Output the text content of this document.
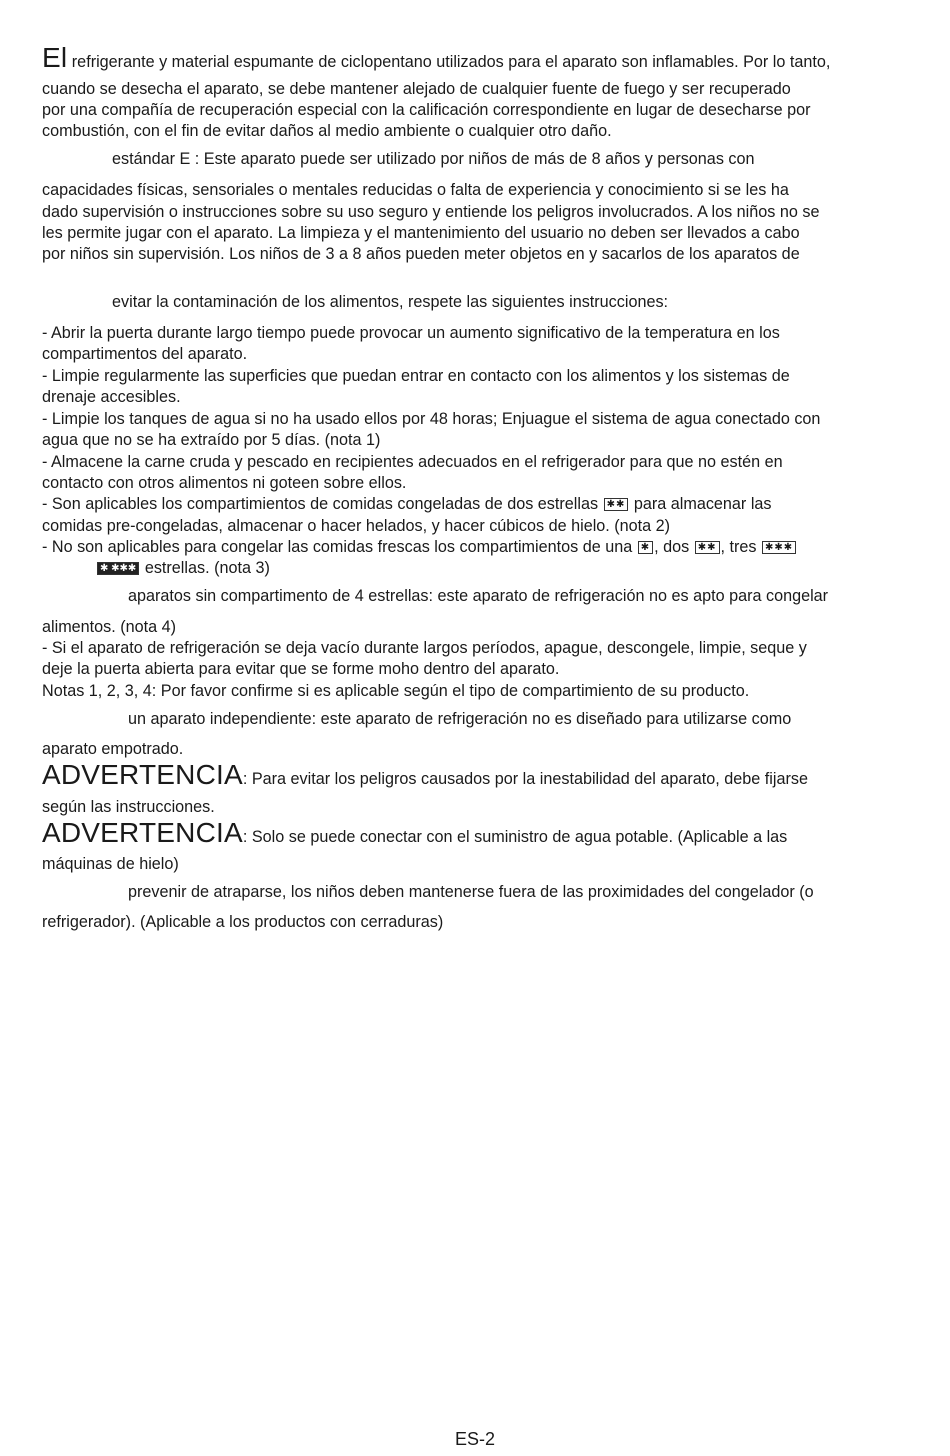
El refrigerante y material espumante de ciclopentano utilizados para el aparato son inflamables. Por lo tanto,
cuando se desecha el aparato, se debe mantener alejado de cualquier fuente de fuego y ser recuperado
por una compañía de recuperación especial con la calificación correspondiente en lugar de desecharse por
combustión, con el fin de evitar daños al medio ambiente o cualquier otro daño.
estándar E : Este aparato puede ser utilizado por niños de más de 8 años y personas con
capacidades físicas, sensoriales o mentales reducidas o falta de experiencia y conocimiento si se les ha
dado supervisión o instrucciones sobre su uso seguro y entiende los peligros involucrados. A los niños no se
les permite jugar con el aparato. La limpieza y el mantenimiento del usuario no deben ser llevados a cabo
por niños sin supervisión. Los niños de 3 a 8 años pueden meter objetos en y sacarlos de los aparatos de
evitar la contaminación de los alimentos, respete las siguientes instrucciones:
- Abrir la puerta durante largo tiempo puede provocar un aumento significativo de la temperatura en los
compartimentos del aparato.
- Limpie regularmente las superficies que puedan entrar en contacto con los alimentos y los sistemas de
drenaje accesibles.
- Limpie los tanques de agua si no ha usado ellos por 48 horas; Enjuague el sistema de agua conectado con
agua que no se ha extraído por 5 días. (nota 1)
- Almacene la carne cruda y pescado en recipientes adecuados en el refrigerador para que no estén en
contacto con otros alimentos ni goteen sobre ellos.
- Son aplicables los compartimientos de comidas congeladas de dos estrellas ✱✱ para almacenar las
comidas pre-congeladas, almacenar o hacer helados, y hacer cúbicos de hielo. (nota 2)
- No son aplicables para congelar las comidas frescas los compartimientos de una ✱ , dos ✱✱ , tres ✱✱✱
✱ ✱✱✱ estrellas. (nota 3)
aparatos sin compartimento de 4 estrellas: este aparato de refrigeración no es apto para congelar
alimentos. (nota 4)
- Si el aparato de refrigeración se deja vacío durante largos períodos, apague, descongele, limpie, seque y
deje la puerta abierta para evitar que se forme moho dentro del aparato.
Notas 1, 2, 3, 4: Por favor confirme si es aplicable según el tipo de compartimiento de su producto.
un aparato independiente: este aparato de refrigeración no es diseñado para utilizarse como
aparato empotrado.
ADVERTENCIA: Para evitar los peligros causados por la inestabilidad del aparato, debe fijarse
según las instrucciones.
ADVERTENCIA: Solo se puede conectar con el suministro de agua potable. (Aplicable a las
máquinas de hielo)
prevenir de atraparse, los niños deben mantenerse fuera de las proximidades del congelador (o
refrigerador). (Aplicable a los productos con cerraduras)
ES-2
